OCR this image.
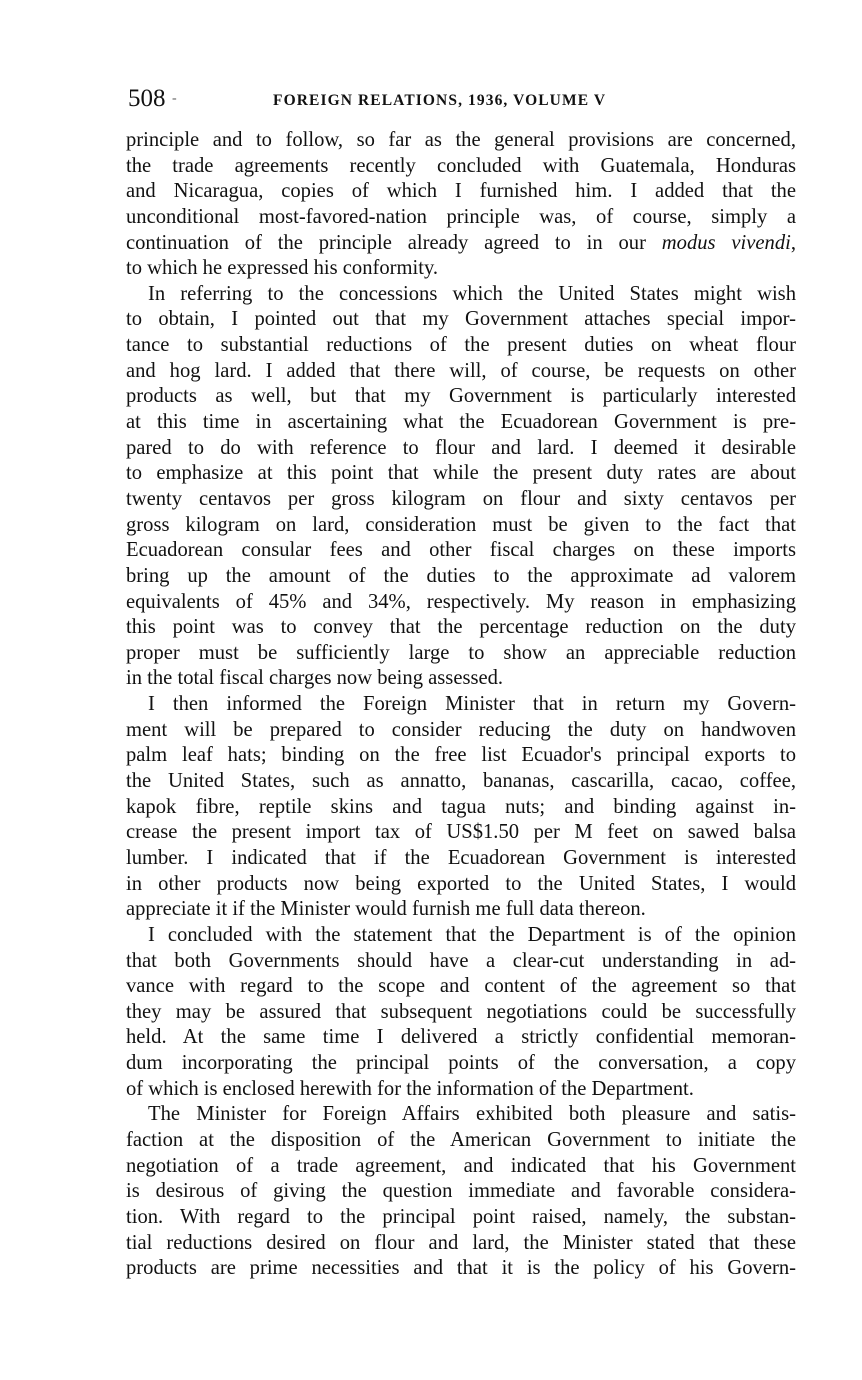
508 -	FOREIGN RELATIONS, 1936, VOLUME V
principle and to follow, so far as the general provisions are concerned,
the trade agreements recently concluded with Guatemala, Honduras
and Nicaragua, copies of which I furnished him. I added that the
unconditional most-favored-nation principle was, of course, simply a
continuation of the principle already agreed to in our modus vivendi,
to which he expressed his conformity.
In referring to the concessions which the United States might wish
to obtain, I pointed out that my Government attaches special impor-
tance to substantial reductions of the present duties on wheat flour
and hog lard. I added that there will, of course, be requests on other
products as well, but that my Government is particularly interested
at this time in ascertaining what the Ecuadorean Government is pre-
pared to do with reference to flour and lard. I deemed it desirable
to emphasize at this point that while the present duty rates are about
twenty centavos per gross kilogram on flour and sixty centavos per
gross kilogram on lard, consideration must be given to the fact that
Ecuadorean consular fees and other fiscal charges on these imports
bring up the amount of the duties to the approximate ad valorem
equivalents of 45% and 34%, respectively. My reason in emphasizing
this point was to convey that the percentage reduction on the duty
proper must be sufficiently large to show an appreciable reduction
in the total fiscal charges now being assessed.
I then informed the Foreign Minister that in return my Govern-
ment will be prepared to consider reducing the duty on handwoven
palm leaf hats; binding on the free list Ecuador's principal exports to
the United States, such as annatto, bananas, cascarilla, cacao, coffee,
kapok fibre, reptile skins and tagua nuts; and binding against in-
crease the present import tax of US$1.50 per M feet on sawed balsa
lumber. I indicated that if the Ecuadorean Government is interested
in other products now being exported to the United States, I would
appreciate it if the Minister would furnish me full data thereon.
I concluded with the statement that the Department is of the opinion
that both Governments should have a clear-cut understanding in ad-
vance with regard to the scope and content of the agreement so that
they may be assured that subsequent negotiations could be successfully
held. At the same time I delivered a strictly confidential memoran-
dum incorporating the principal points of the conversation, a copy
of which is enclosed herewith for the information of the Department.
The Minister for Foreign Affairs exhibited both pleasure and satis-
faction at the disposition of the American Government to initiate the
negotiation of a trade agreement, and indicated that his Government
is desirous of giving the question immediate and favorable considera-
tion. With regard to the principal point raised, namely, the substan-
tial reductions desired on flour and lard, the Minister stated that these
products are prime necessities and that it is the policy of his Govern-
